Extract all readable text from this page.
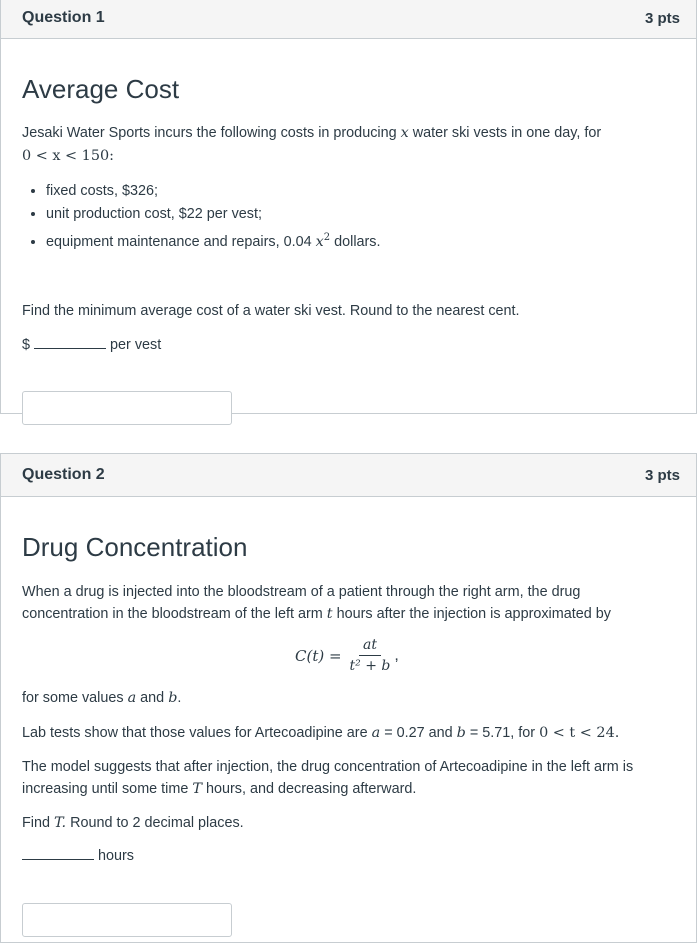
Question 1	3 pts
Average Cost

Jesaki Water Sports incurs the following costs in producing x water ski vests in one day, for

0 < x < 150:

• fixed costs, $326;
• unit production cost, $22 per vest;
• equipment maintenance and repairs, 0.04 $x^2$ dollars.

Find the minimum average cost of a water ski vest. Round to the nearest cent.

$	per vest

Question 2	3 pts
Drug Concentration

When a drug is injected into the bloodstream of a patient through the right arm, the drug
concentration in the bloodstream of the left arm t hours after the injection is approximated by

$C(t) = \frac{at}{\text{t² + b}}$ ,

for some values a and b.

Lab tests show that those values for Artecoadipine are a = 0.27 and b = 5.71, for 0 < t < 24.

The model suggests that after injection, the drug concentration of Artecoadipine in the left arm is
increasing until some time T hours, and decreasing afterward.

Find T. Round to 2 decimal places.

hours
